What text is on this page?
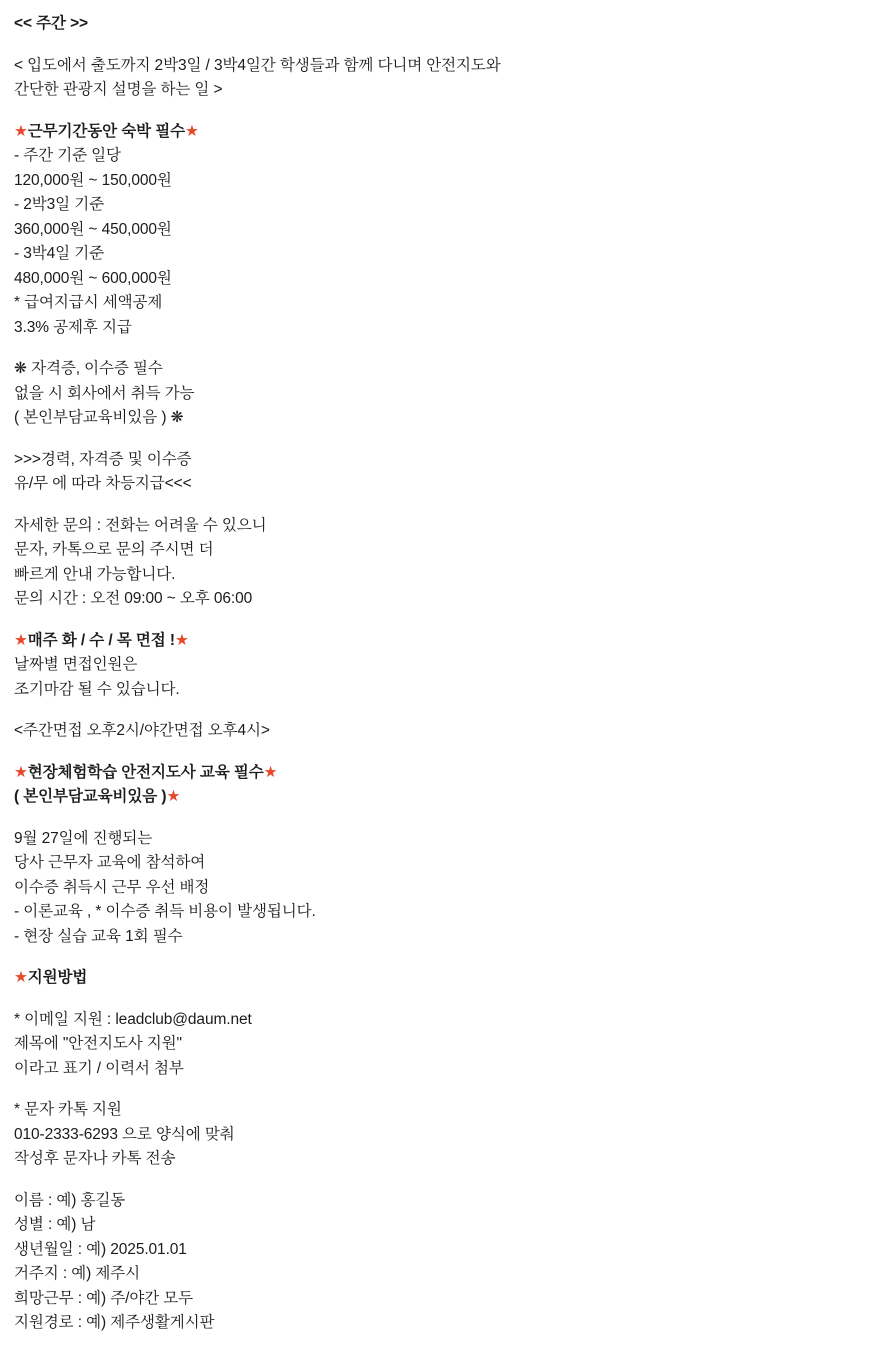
<< 주간 >>
< 입도에서 출도까지 2박3일 / 3박4일간 학생들과 함께 다니며 안전지도와
간단한 관광지 설명을 하는 일 >
★근무기간동안 숙박 필수★
- 주간 기준 일당
120,000원 ~ 150,000원
- 2박3일 기준
360,000원 ~ 450,000원
- 3박4일 기준
480,000원 ~ 600,000원
* 급여지급시 세액공제
3.3% 공제후 지급
❋ 자격증, 이수증 필수
없을 시 회사에서 취득 가능
( 본인부담교육비있음 ) ❋
>>>경력, 자격증 및 이수증
유/무 에 따라 차등지급<<<
자세한 문의 : 전화는 어려울 수 있으니
문자, 카톡으로 문의 주시면 더
빠르게 안내 가능합니다.
문의 시간 : 오전 09:00 ~ 오후 06:00
★매주 화 / 수 / 목 면접 !★
날짜별 면접인원은
조기마감 될 수 있습니다.
<주간면접 오후2시/야간면접 오후4시>
★현장체험학습 안전지도사 교육 필수★
( 본인부담교육비있음 )★
9월 27일에 진행되는
당사 근무자 교육에 참석하여
이수증 취득시 근무 우선 배정
- 이론교육 , * 이수증 취득 비용이 발생됩니다.
- 현장 실습 교육 1회 필수
★지원방법
* 이메일 지원 : leadclub@daum.net
제목에 "안전지도사 지원"
이라고 표기 / 이력서 첨부
* 문자 카톡 지원
010-2333-6293 으로 양식에 맞춰
작성후 문자나 카톡 전송
이름 : 예) 홍길동
성별 : 예) 남
생년월일 : 예) 2025.01.01
거주지 : 예) 제주시
희망근무 : 예) 주/야간 모두
지원경로 : 예) 제주생활게시판
